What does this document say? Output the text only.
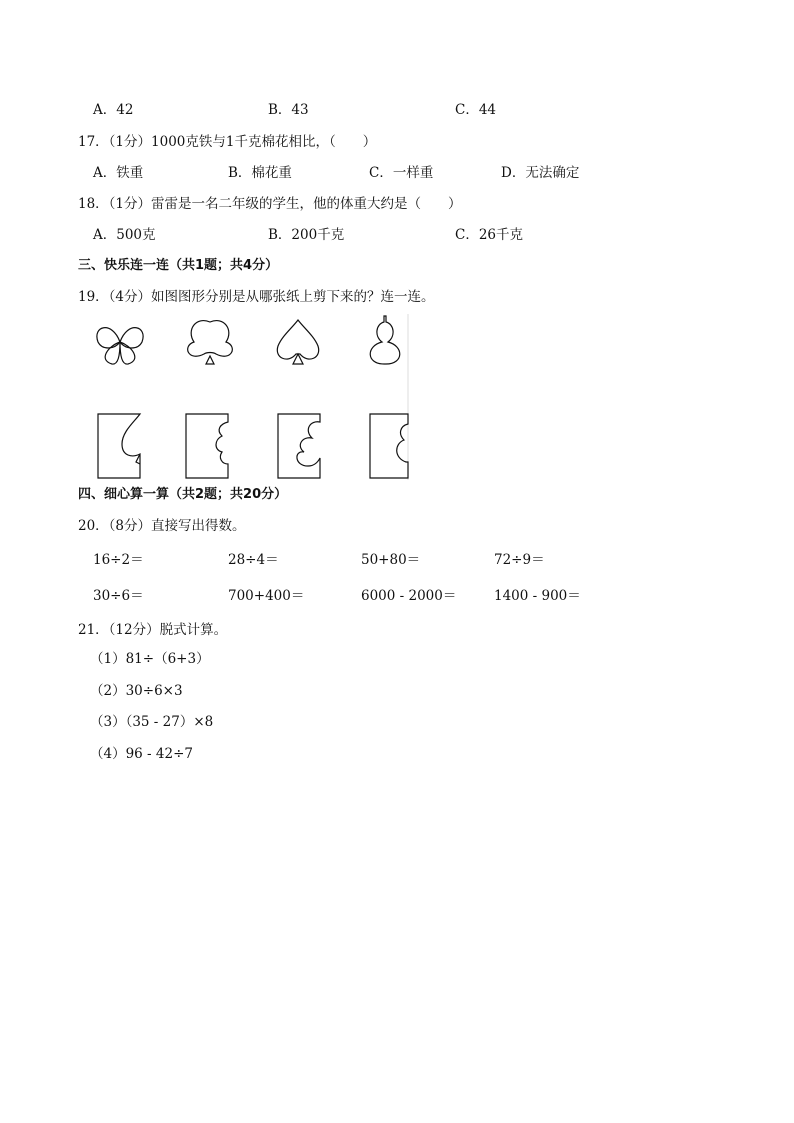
A．42	B．43	C．44
17．（1分）1000克铁与1千克棉花相比，（　　）
A．铁重	B．棉花重	C．一样重	D．无法确定
18．（1分）雷雷是一名二年级的学生，他的体重大约是（　　）
A．500克	B．200千克	C．26千克
三、快乐连一连（共1题；共4分）
19．（4分）如图图形分别是从哪张纸上剪下来的？连一连。
四、细心算一算（共2题；共20分）
20．（8分）直接写出得数。
16÷2＝	28÷4＝	50+80＝	72÷9＝
30÷6＝	700+400＝	6000 - 2000＝	1400 - 900＝
21．（12分）脱式计算。
（1）81÷（6+3）
（2）30÷6×3
（3）（35 - 27）×8
（4）96 - 42÷7
